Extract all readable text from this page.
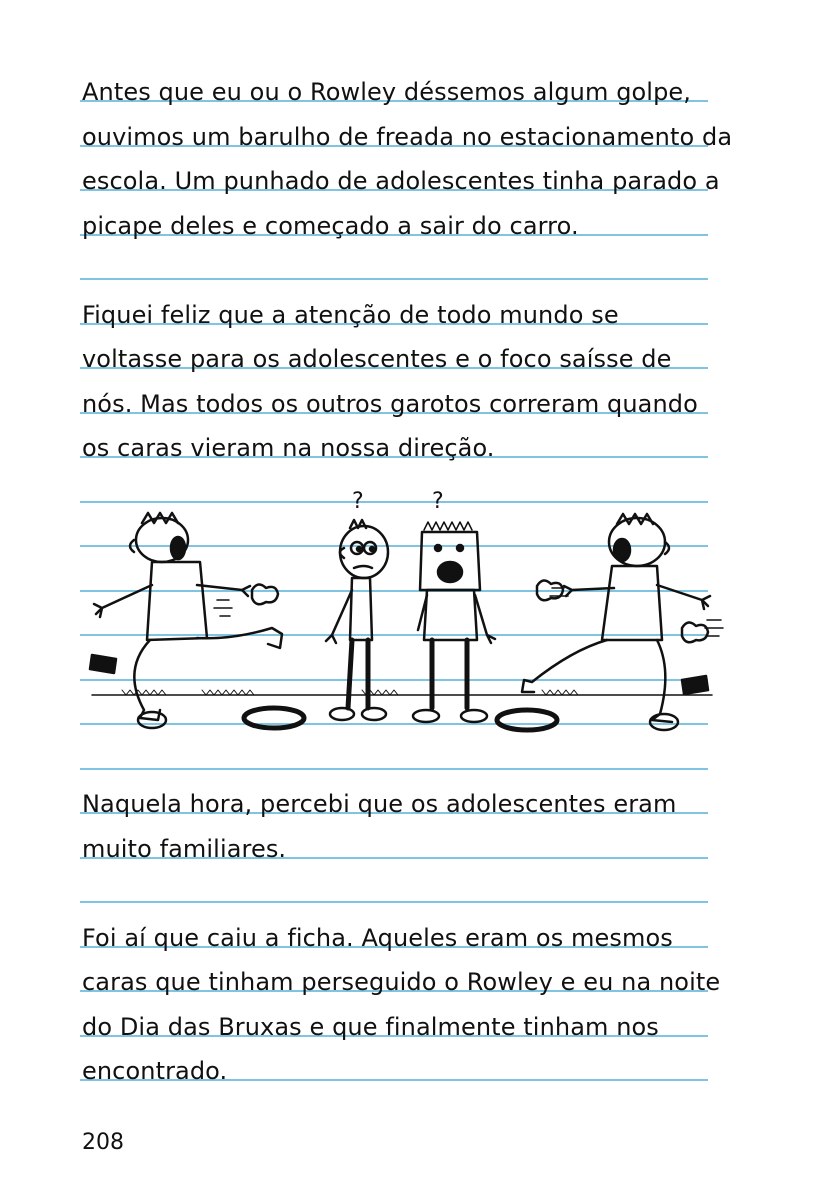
Antes que eu ou o Rowley déssemos algum golpe,
ouvimos um barulho de freada no estacionamento da
escola. Um punhado de adolescentes tinha parado a
picape deles e começado a sair do carro.
Fiquei feliz que a atenção de todo mundo se
voltasse para os adolescentes e o foco saísse de
nós. Mas todos os outros garotos correram quando
os caras vieram na nossa direção.
?	?
Naquela hora, percebi que os adolescentes eram
muito familiares.
Foi aí que caiu a ficha. Aqueles eram os mesmos
caras que tinham perseguido o Rowley e eu na noite
do Dia das Bruxas e que finalmente tinham nos
encontrado.
208
